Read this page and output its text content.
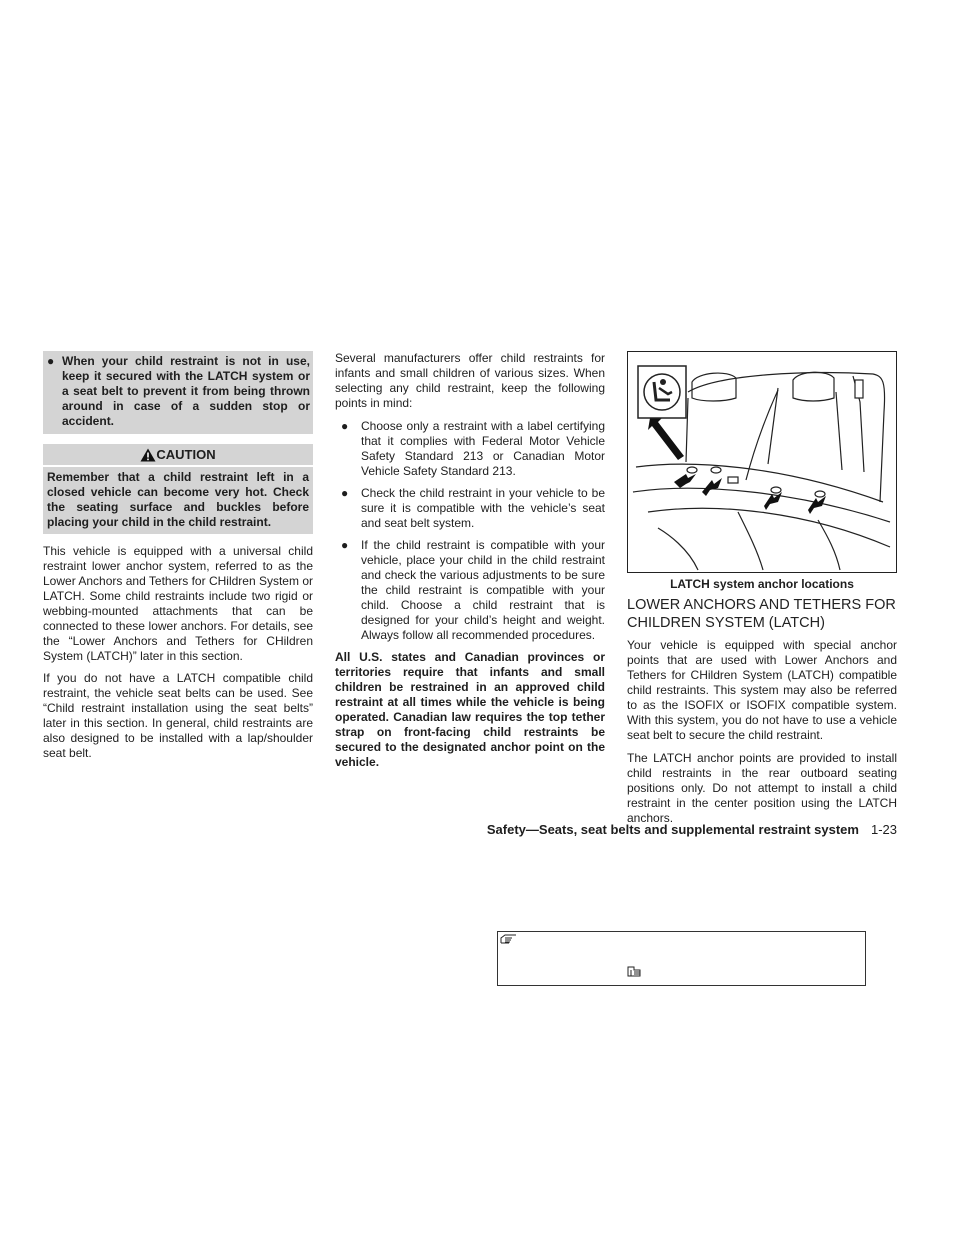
● When your child restraint is not in use, keep it secured with the LATCH system or a seat belt to prevent it from being thrown around in case of a sudden stop or accident.
CAUTION
Remember that a child restraint left in a closed vehicle can become very hot. Check the seating surface and buckles before placing your child in the child restraint.

This vehicle is equipped with a universal child restraint lower anchor system, referred to as the Lower Anchors and Tethers for CHildren System or LATCH. Some child restraints include two rigid or webbing-mounted attachments that can be connected to these lower anchors. For details, see the “Lower Anchors and Tethers for CHildren System (LATCH)” later in this section.

If you do not have a LATCH compatible child restraint, the vehicle seat belts can be used. See “Child restraint installation using the seat belts” later in this section. In general, child restraints are also designed to be installed with a lap/shoulder seat belt.

Several manufacturers offer child restraints for infants and small children of various sizes. When selecting any child restraint, keep the following points in mind:

●	Choose only a restraint with a label certifying that it complies with Federal Motor Vehicle Safety Standard 213 or Canadian Motor Vehicle Safety Standard 213.
●	Check the child restraint in your vehicle to be sure it is compatible with the vehicle’s seat and seat belt system.
●	If the child restraint is compatible with your vehicle, place your child in the child restraint and check the various adjustments to be sure the child restraint is compatible with your child. Choose a child restraint that is designed for your child’s height and weight. Always follow all recommended procedures.

All U.S. states and Canadian provinces or territories require that infants and small children be restrained in an approved child restraint at all times while the vehicle is being operated. Canadian law requires the top tether strap on front-facing child restraints be secured to the designated anchor point on the vehicle.

LATCH system anchor locations
LOWER ANCHORS AND TETHERS FOR CHILDREN SYSTEM (LATCH)

Your vehicle is equipped with special anchor points that are used with Lower Anchors and Tethers for CHildren System (LATCH) compatible child restraints. This system may also be referred to as the ISOFIX or ISOFIX compatible system. With this system, you do not have to use a vehicle seat belt to secure the child restraint.

The LATCH anchor points are provided to install child restraints in the rear outboard seating positions only. Do not attempt to install a child restraint in the center position using the LATCH anchors.

Safety—Seats, seat belts and supplemental restraint system 1-23
